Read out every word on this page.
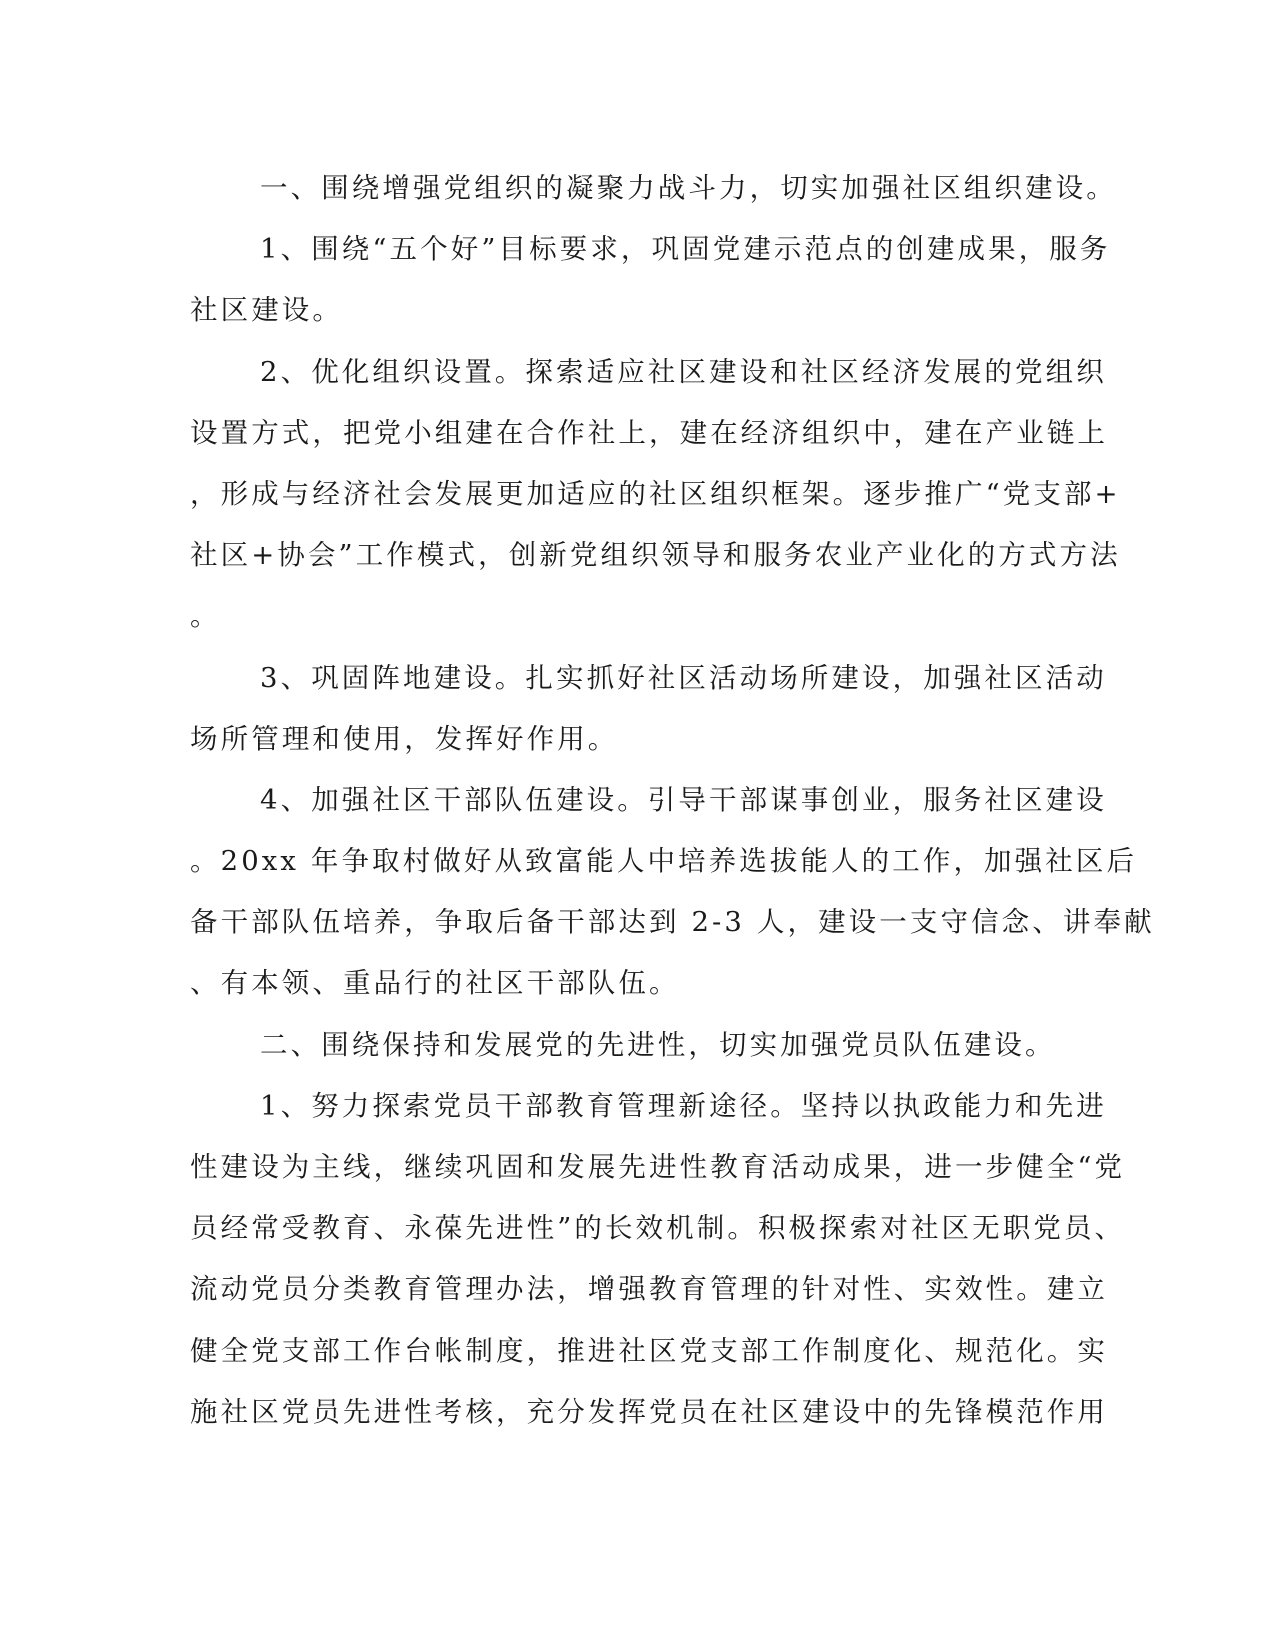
一、围绕增强党组织的凝聚力战斗力，切实加强社区组织建设。
1、围绕“五个好”目标要求，巩固党建示范点的创建成果，服务
社区建设。
2、优化组织设置。探索适应社区建设和社区经济发展的党组织
设置方式，把党小组建在合作社上，建在经济组织中，建在产业链上
，形成与经济社会发展更加适应的社区组织框架。逐步推广“党支部+
社区+协会”工作模式，创新党组织领导和服务农业产业化的方式方法
。
3、巩固阵地建设。扎实抓好社区活动场所建设，加强社区活动
场所管理和使用，发挥好作用。
4、加强社区干部队伍建设。引导干部谋事创业，服务社区建设
。20xx 年争取村做好从致富能人中培养选拔能人的工作，加强社区后
备干部队伍培养，争取后备干部达到 2-3 人，建设一支守信念、讲奉献
、有本领、重品行的社区干部队伍。
二、围绕保持和发展党的先进性，切实加强党员队伍建设。
1、努力探索党员干部教育管理新途径。坚持以执政能力和先进
性建设为主线，继续巩固和发展先进性教育活动成果，进一步健全“党
员经常受教育、永葆先进性”的长效机制。积极探索对社区无职党员、
流动党员分类教育管理办法，增强教育管理的针对性、实效性。建立
健全党支部工作台帐制度，推进社区党支部工作制度化、规范化。实
施社区党员先进性考核，充分发挥党员在社区建设中的先锋模范作用
